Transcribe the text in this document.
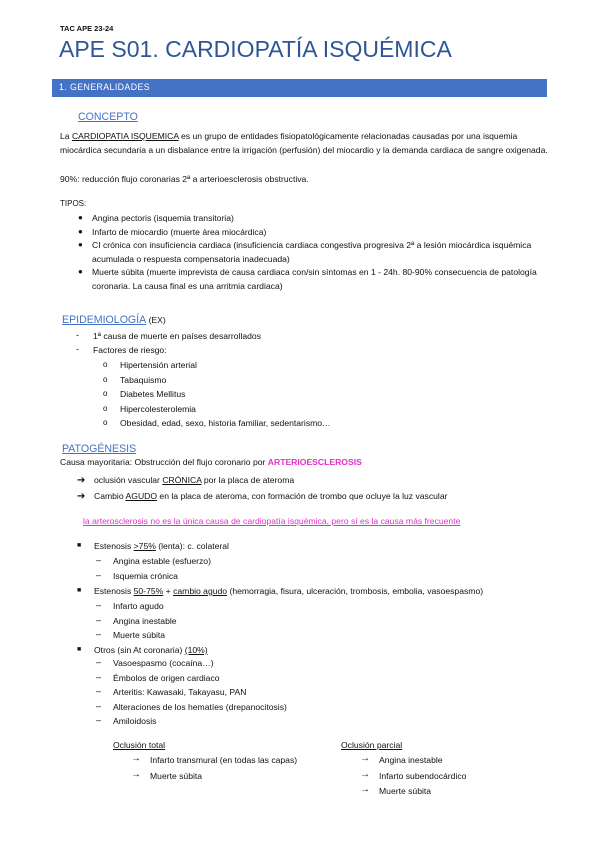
TAC APE 23-24
APE S01. CARDIOPATÍA ISQUÉMICA
1. GENERALIDADES
CONCEPTO
La CARDIOPATIA ISQUEMICA es un grupo de entidades fisiopatológicamente relacionadas causadas por una isquemia miocárdica secundaria a un disbalance entre la irrigación (perfusión) del miocardio y la demanda cardiaca de sangre oxigenada.
90%: reducción flujo coronarias 2ª a arterioesclerosis obstructiva.
TIPOS:
● Angina pectoris (isquemia transitoria)
● Infarto de miocardio (muerte área miocárdica)
● CI crónica con insuficiencia cardiaca (insuficiencia cardiaca congestiva progresiva 2ª a lesión miocárdica isquémica acumulada o respuesta compensatoria inadecuada)
● Muerte súbita (muerte imprevista de causa cardiaca con/sin síntomas en 1 - 24h. 80-90% consecuencia de patología coronaria. La causa final es una arritmia cardiaca)
EPIDEMIOLOGÍA (EX)
- 1ª causa de muerte en países desarrollados
- Factores de riesgo:
o Hipertensión arterial
o Tabaquismo
o Diabetes Mellitus
o Hipercolesterolemia
o Obesidad, edad, sexo, historia familiar, sedentarismo…
PATOGÉNESIS
Causa mayoritaria: Obstrucción del flujo coronario por ARTERIOESCLEROSIS
➔ oclusión vascular CRÓNICA por la placa de ateroma
➔ Cambio AGUDO en la placa de ateroma, con formación de trombo que ocluye la luz vascular
la arterosclerosis no es la única causa de cardiopatía isquémica, pero sí es la causa más frecuente
■ Estenosis >75% (lenta): c. colateral
– Angina estable (esfuerzo)
– Isquemia crónica
■ Estenosis 50-75% + cambio agudo (hemorragia, fisura, ulceración, trombosis, embolia, vasoespasmo)
– Infarto agudo
– Angina inestable
– Muerte súbita
■ Otros (sin At coronaria) (10%)
– Vasoespasmo (cocaína…)
– Émbolos de origen cardiaco
– Arteritis: Kawasaki, Takayasu, PAN
– Alteraciones de los hematíes (drepanocitosis)
– Amiloidosis
Oclusión total
→ Infarto transmural (en todas las capas)
→ Muerte súbita
Oclusión parcial
→ Angina inestable
→ Infarto subendocárdico
→ Muerte súbita
